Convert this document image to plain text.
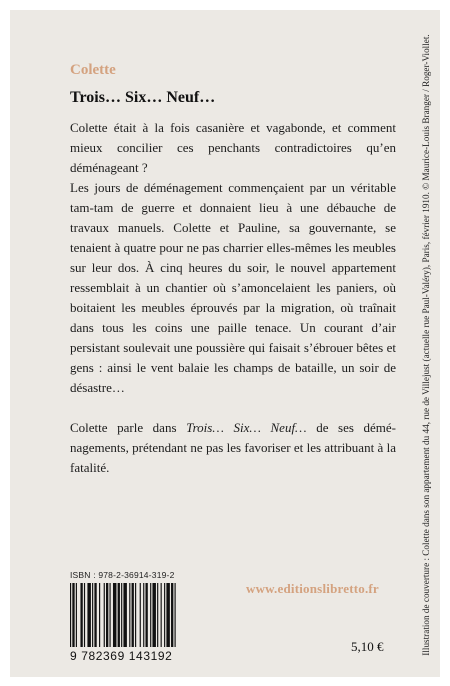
Colette
Trois… Six… Neuf…

Colette était à la fois casanière et vagabonde, et comment mieux concilier ces penchants contradictoires qu’en déménageant ?

Les jours de déménagement commençaient par un véritable tam-tam de guerre et donnaient lieu à une débauche de travaux manuels. Colette et Pauline, sa gouvernante, se tenaient à quatre pour ne pas charrier elles-mêmes les meubles sur leur dos. À cinq heures du soir, le nouvel appartement ressemblait à un chantier où s’amoncelaient les paniers, où boitaient les meubles éprouvés par la migration, où traînait dans tous les coins une paille tenace. Un courant d’air persistant soulevait une poussière qui faisait s’ébrouer bêtes et gens : ainsi le vent balaie les champs de bataille, un soir de désastre…

Colette parle dans Trois… Six… Neuf… de ses déménagements, prétendant ne pas les favoriser et les attribuant à la fatalité.	Illustration de couverture : Colette dans son appartement du 44, rue de Villejust (actuelle rue Paul-Valéry), Paris, février 1910. © Maurice-Louis Branger / Roger-Viollet.
ISBN : 978-2-36914-319-2
9 782369 143192
www.editionslibretto.fr
5,10 €
